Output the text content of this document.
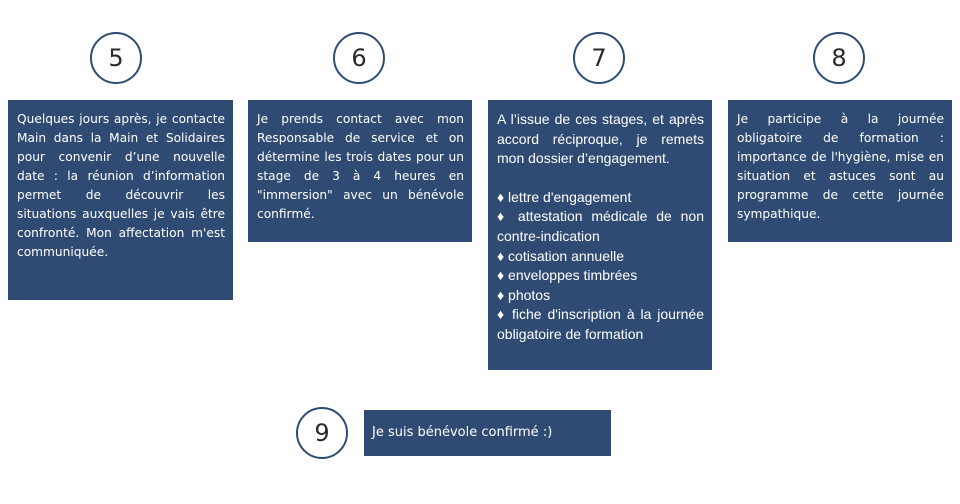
5

Quelques jours après, je contacte Main dans la Main et Solidaires pour convenir d’une nouvelle date : la réunion d’information permet de découvrir les situations auxquelles je vais être confronté. Mon affectation m'est communiquée.

6

Je prends contact avec mon Responsable de service et on détermine les trois dates pour un stage de 3 à 4 heures en "immersion" avec un bénévole confirmé.

7

A l’issue de ces stages, et après accord réciproque, je remets mon dossier d’engagement.

♦ lettre d'engagement
♦ attestation médicale de non contre-indication
♦ cotisation annuelle
♦ enveloppes timbrées
♦ photos
♦ fiche d'inscription à la journée obligatoire de formation
8

Je participe à la journée obligatoire de formation : importance de l'hygiène, mise en situation et astuces sont au programme de cette journée sympathique.

9	Je suis bénévole confirmé :)
